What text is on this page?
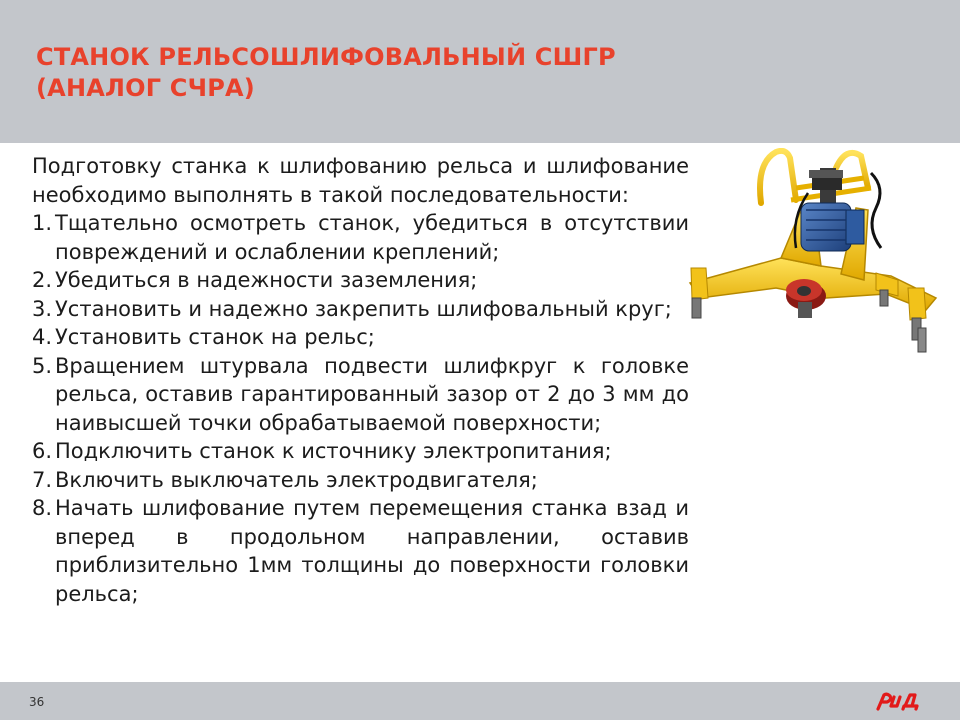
СТАНОК РЕЛЬСОШЛИФОВАЛЬНЫЙ СШГР
(АНАЛОГ СЧРА)

Подготовку станка к шлифованию рельса и шлифование необходимо выполнять в такой последовательности:

1. Тщательно осмотреть станок, убедиться в отсутствии повреждений и ослаблении креплений;
2. Убедиться в надежности заземления;
3. Установить и надежно закрепить шлифовальный круг;
4. Установить станок на рельс;
5. Вращением штурвала подвести шлифкруг к головке рельса, оставив гарантированный зазор от 2 до 3 мм до наивысшей точки обрабатываемой поверхности;
6. Подключить станок к источнику электропитания;
7. Включить выключатель электродвигателя;
8. Начать шлифование путем перемещения станка взад и вперед в продольном направлении, оставив приблизительно 1мм толщины до поверхности головки рельса;
36
